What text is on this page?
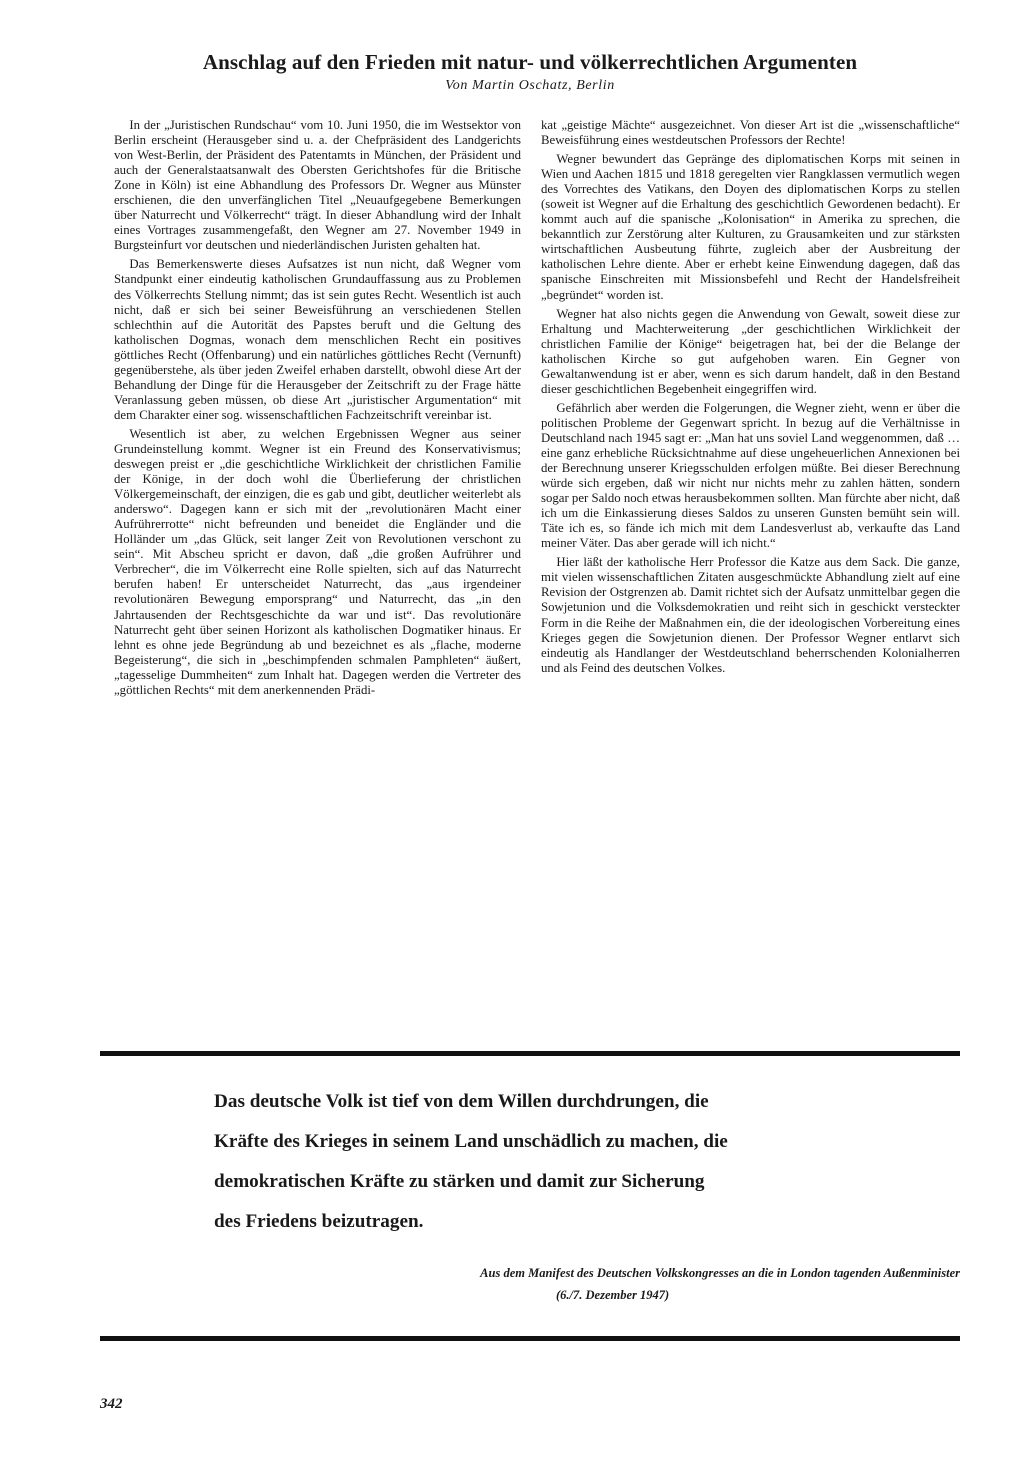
Anschlag auf den Frieden mit natur- und völkerrechtlichen Argumenten
Von Martin Oschatz, Berlin

In der „Juristischen Rundschau“ vom 10. Juni 1950, die im Westsektor von Berlin erscheint (Herausgeber sind u. a. der Chefpräsident des Landgerichts von West-Berlin, der Präsident des Patentamts in München, der Präsident und auch der Generalstaatsanwalt des Obersten Gerichtshofes für die Britische Zone in Köln) ist eine Abhandlung des Professors Dr. Wegner aus Münster erschienen, die den unverfänglichen Titel „Neuaufgegebene Bemerkungen über Naturrecht und Völkerrecht“ trägt. In dieser Abhandlung wird der Inhalt eines Vortrages zusammengefaßt, den Wegner am 27. November 1949 in Burgsteinfurt vor deutschen und niederländischen Juristen gehalten hat.

Das Bemerkenswerte dieses Aufsatzes ist nun nicht, daß Wegner vom Standpunkt einer eindeutig katholischen Grundauffassung aus zu Problemen des Völkerrechts Stellung nimmt; das ist sein gutes Recht. Wesentlich ist auch nicht, daß er sich bei seiner Beweisführung an verschiedenen Stellen schlechthin auf die Autorität des Papstes beruft und die Geltung des katholischen Dogmas, wonach dem menschlichen Recht ein positives göttliches Recht (Offenbarung) und ein natürliches göttliches Recht (Vernunft) gegenüberstehe, als über jeden Zweifel erhaben darstellt, obwohl diese Art der Behandlung der Dinge für die Herausgeber der Zeitschrift zu der Frage hätte Veranlassung geben müssen, ob diese Art „juristischer Argumentation“ mit dem Charakter einer sog. wissenschaftlichen Fachzeitschrift vereinbar ist.

Wesentlich ist aber, zu welchen Ergebnissen Wegner aus seiner Grundeinstellung kommt. Wegner ist ein Freund des Konservativismus; deswegen preist er „die geschichtliche Wirklichkeit der christlichen Familie der Könige, in der doch wohl die Überlieferung der christlichen Völkergemeinschaft, der einzigen, die es gab und gibt, deutlicher weiterlebt als anderswo“. Dagegen kann er sich mit der „revolutionären Macht einer Aufrührerrotte“ nicht befreunden und beneidet die Engländer und die Holländer um „das Glück, seit langer Zeit von Revolutionen verschont zu sein“. Mit Abscheu spricht er davon, daß „die großen Aufrührer und Verbrecher“, die im Völkerrecht eine Rolle spielten, sich auf das Naturrecht berufen haben! Er unterscheidet Naturrecht, das „aus irgendeiner revolutionären Bewegung emporsprang“ und Naturrecht, das „in den Jahrtausenden der Rechtsgeschichte da war und ist“. Das revolutionäre Naturrecht geht über seinen Horizont als katholischen Dogmatiker hinaus. Er lehnt es ohne jede Begründung ab und bezeichnet es als „flache, moderne Begeisterung“, die sich in „beschimpfenden schmalen Pamphleten“ äußert, „tagesselige Dummheiten“ zum Inhalt hat. Dagegen werden die Vertreter des „göttlichen Rechts“ mit dem anerkennenden Prädi-

kat „geistige Mächte“ ausgezeichnet. Von dieser Art ist die „wissenschaftliche“ Beweisführung eines westdeutschen Professors der Rechte!

Wegner bewundert das Gepränge des diplomatischen Korps mit seinen in Wien und Aachen 1815 und 1818 geregelten vier Rangklassen vermutlich wegen des Vorrechtes des Vatikans, den Doyen des diplomatischen Korps zu stellen (soweit ist Wegner auf die Erhaltung des geschichtlich Gewordenen bedacht). Er kommt auch auf die spanische „Kolonisation“ in Amerika zu sprechen, die bekanntlich zur Zerstörung alter Kulturen, zu Grausamkeiten und zur stärksten wirtschaftlichen Ausbeutung führte, zugleich aber der Ausbreitung der katholischen Lehre diente. Aber er erhebt keine Einwendung dagegen, daß das spanische Einschreiten mit Missionsbefehl und Recht der Handelsfreiheit „begründet“ worden ist.

Wegner hat also nichts gegen die Anwendung von Gewalt, soweit diese zur Erhaltung und Machterweiterung „der geschichtlichen Wirklichkeit der christlichen Familie der Könige“ beigetragen hat, bei der die Belange der katholischen Kirche so gut aufgehoben waren. Ein Gegner von Gewaltanwendung ist er aber, wenn es sich darum handelt, daß in den Bestand dieser geschichtlichen Begebenheit eingegriffen wird.

Gefährlich aber werden die Folgerungen, die Wegner zieht, wenn er über die politischen Probleme der Gegenwart spricht. In bezug auf die Verhältnisse in Deutschland nach 1945 sagt er: „Man hat uns soviel Land weggenommen, daß … eine ganz erhebliche Rücksichtnahme auf diese ungeheuerlichen Annexionen bei der Berechnung unserer Kriegsschulden erfolgen müßte. Bei dieser Berechnung würde sich ergeben, daß wir nicht nur nichts mehr zu zahlen hätten, sondern sogar per Saldo noch etwas herausbekommen sollten. Man fürchte aber nicht, daß ich um die Einkassierung dieses Saldos zu unseren Gunsten bemüht sein will. Täte ich es, so fände ich mich mit dem Landesverlust ab, verkaufte das Land meiner Väter. Das aber gerade will ich nicht.“

Hier läßt der katholische Herr Professor die Katze aus dem Sack. Die ganze, mit vielen wissenschaftlichen Zitaten ausgeschmückte Abhandlung zielt auf eine Revision der Ostgrenzen ab. Damit richtet sich der Aufsatz unmittelbar gegen die Sowjetunion und die Volksdemokratien und reiht sich in geschickt versteckter Form in die Reihe der Maßnahmen ein, die der ideologischen Vorbereitung eines Krieges gegen die Sowjetunion dienen. Der Professor Wegner entlarvt sich eindeutig als Handlanger der Westdeutschland beherrschenden Kolonialherren und als Feind des deutschen Volkes.

Das deutsche Volk ist tief von dem Willen durchdrungen, die
Kräfte des Krieges in seinem Land unschädlich zu machen, die
demokratischen Kräfte zu stärken und damit zur Sicherung
des Friedens beizutragen.
Aus dem Manifest des Deutschen Volkskongresses an die in London tagenden Außenminister
(6./7. Dezember 1947)
342
